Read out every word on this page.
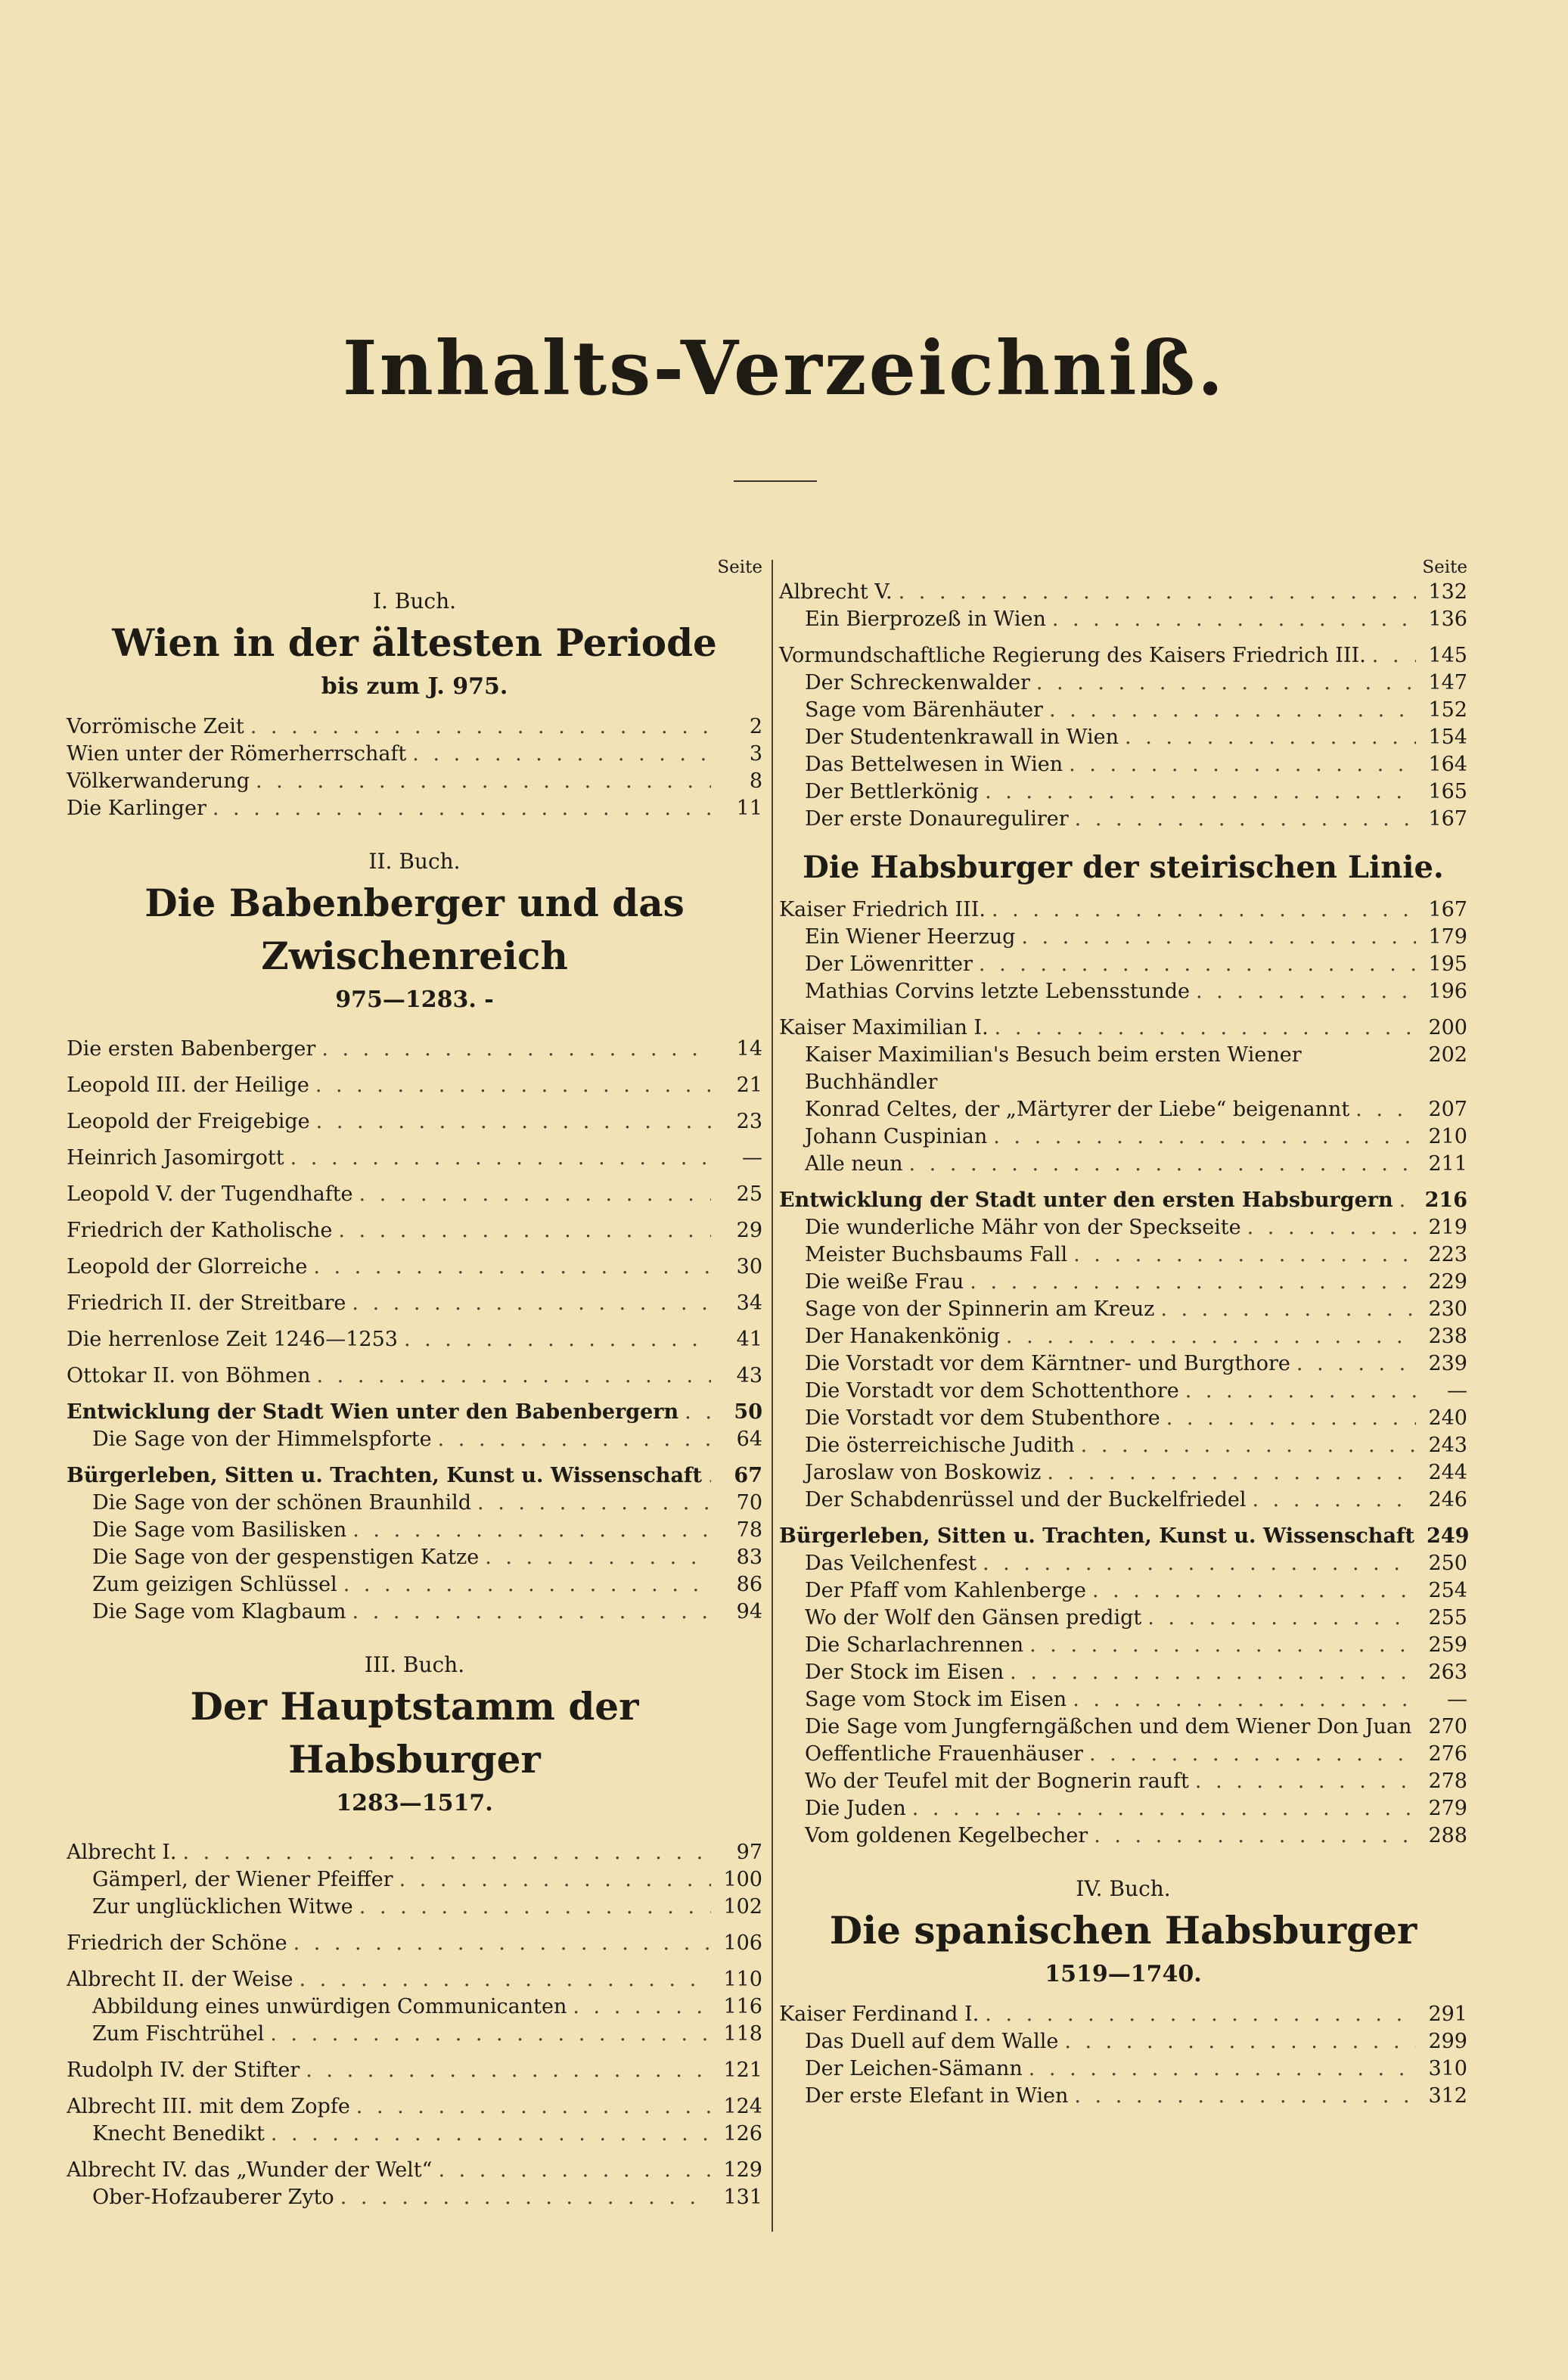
Inhalts-Verzeichniß.
Seite
I. Buch.
Wien in der ältesten Periode
bis zum J. 975.
Vorrömische Zeit . . .	2
Wien unter der Römerherrschaft . . .	3
Völkerwanderung . . .	8
Die Karlinger . . .	11
II. Buch.
Die Babenberger und das Zwischenreich
975—1283. -
Die ersten Babenberger . . .	14
Leopold III. der Heilige . . .	21
Leopold der Freigebige . . .	23
Heinrich Jasomirgott . . .	—
Leopold V. der Tugendhafte . . .	25
Friedrich der Katholische . . .	29
Leopold der Glorreiche . . .	30
Friedrich II. der Streitbare . . .	34
Die herrenlose Zeit 1246—1253 . . .	41
Ottokar II. von Böhmen . . .	43
Entwicklung der Stadt Wien unter den Babenbergern . . .	50
Die Sage von der Himmelspforte . . .	64
Bürgerleben, Sitten u. Trachten, Kunst u. Wissenschaft . . .	67
Die Sage von der schönen Braunhild . . .	70
Die Sage vom Basilisken . . .	78
Die Sage von der gespenstigen Katze . . .	83
Zum geizigen Schlüssel . . .	86
Die Sage vom Klagbaum . . .	94
III. Buch.
Der Hauptstamm der Habsburger
1283—1517.
Albrecht I. . . .	97
Gämperl, der Wiener Pfeiffer . . .	100
Zur unglücklichen Witwe . . .	102
Friedrich der Schöne . . .	106
Albrecht II. der Weise . . .	110
Abbildung eines unwürdigen Communicanten . . .	116
Zum Fischtrühel . . .	118
Rudolph IV. der Stifter . . .	121
Albrecht III. mit dem Zopfe . . .	124
Knecht Benedikt . . .	126
Albrecht IV. das „Wunder der Welt“ . . .	129
Ober-Hofzauberer Zyto . . .	131
Seite
Albrecht V. . . .	132
Ein Bierprozeß in Wien . . .	136
Vormundschaftliche Regierung des Kaisers Friedrich III. . . .	145
Der Schreckenwalder . . .	147
Sage vom Bärenhäuter . . .	152
Der Studentenkrawall in Wien . . .	154
Das Bettelwesen in Wien . . .	164
Der Bettlerkönig . . .	165
Der erste Donauregulirer . . .	167
Die Habsburger der steirischen Linie.
Kaiser Friedrich III. . . .	167
Ein Wiener Heerzug . . .	179
Der Löwenritter . . .	195
Mathias Corvins letzte Lebensstunde . . .	196
Kaiser Maximilian I. . . .	200
Kaiser Maximilian's Besuch beim ersten Wiener Buchhändler
202
Konrad Celtes, der „Märtyrer der Liebe“ beigenannt . . .	207
Johann Cuspinian . . .	210
Alle neun . . .	211
Entwicklung der Stadt unter den ersten Habsburgern . . . 216
Die wunderliche Mähr von der Speckseite . . .	219
Meister Buchsbaums Fall . . .	223
Die weiße Frau . . .	229
Sage von der Spinnerin am Kreuz . . .	230
Der Hanakenkönig . . .	238
Die Vorstadt vor dem Kärntner- und Burgthore . . .	239
Die Vorstadt vor dem Schottenthore . . .	—
Die Vorstadt vor dem Stubenthore . . .	240
Die österreichische Judith . . .	243
Jaroslaw von Boskowiz . . .	244
Der Schabdenrüssel und der Buckelfriedel . . .	246
Bürgerleben, Sitten u. Trachten, Kunst u. Wissenschaft 249
Das Veilchenfest . . .	250
Der Pfaff vom Kahlenberge . . .	254
Wo der Wolf den Gänsen predigt . . .	255
Die Scharlachrennen . . .	259
Der Stock im Eisen . . .	263
Sage vom Stock im Eisen . . .	—
Die Sage vom Jungferngäßchen und dem Wiener Don Juan 270
Oeffentliche Frauenhäuser . . .	276
Wo der Teufel mit der Bognerin rauft . . .	278
Die Juden . . .	279
Vom goldenen Kegelbecher . . .	288
IV. Buch.
Die spanischen Habsburger
1519—1740.
Kaiser Ferdinand I. . . .	291
Das Duell auf dem Walle . . .	299
Der Leichen-Sämann . . .	310
Der erste Elefant in Wien . . .	312
